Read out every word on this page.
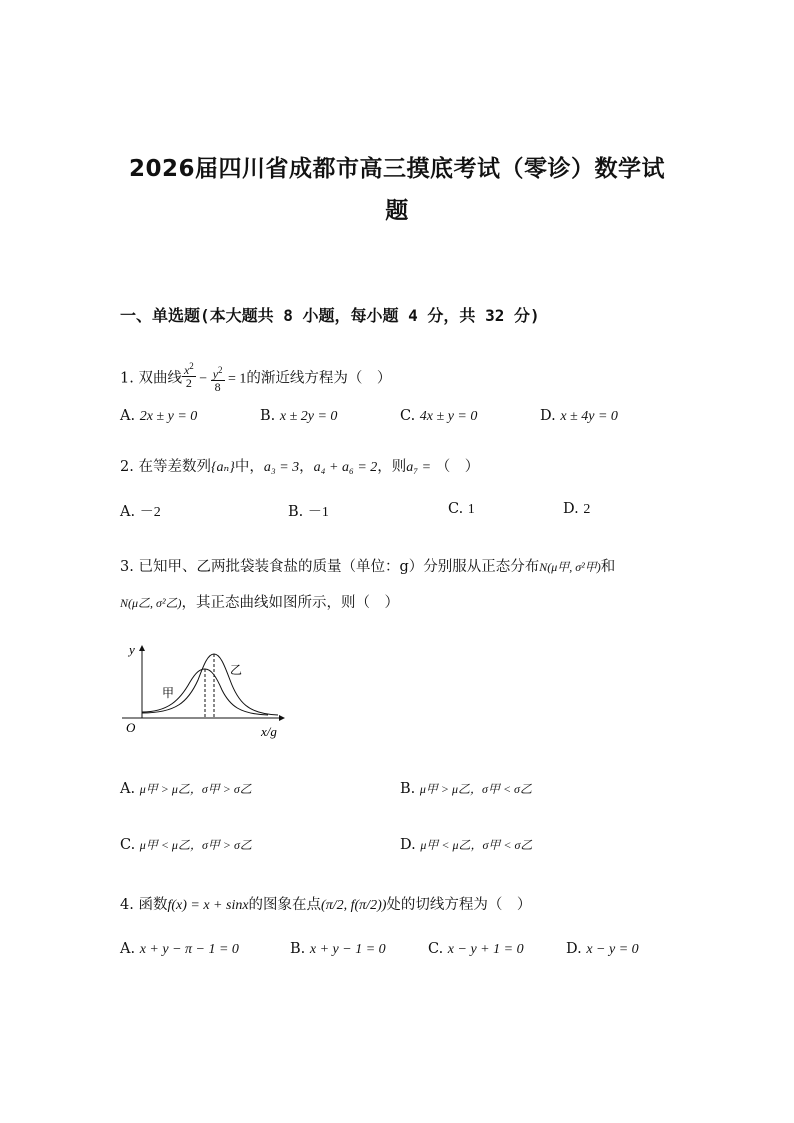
2026届四川省成都市高三摸底考试（零诊）数学试
题
一、单选题(本大题共 8 小题，每小题 4 分，共 32 分)
1. 双曲线 $\frac{x^2}{2} - \frac{y^2}{8} = 1$的渐近线方程为（　）
A. 2x ± y = 0	B. x ± 2y = 0	C. 4x ± y = 0	D. x ± 4y = 0
2. 在等差数列{aₙ}中，a₃ = 3，a₄ + a₆ = 2，则a₇ = （　）
A. －2	B. －1	C. 1	D. 2
3. 已知甲、乙两批袋装食盐的质量（单位：g）分别服从正态分布N(μ甲, σ²甲)和
N(μ乙, σ²乙)，其正态曲线如图所示，则（　）
y
O	x/g
甲
乙
A. μ甲 > μ乙，σ甲 > σ乙	B. μ甲 > μ乙，σ甲 < σ乙
C. μ甲 < μ乙，σ甲 > σ乙	D. μ甲 < μ乙，σ甲 < σ乙
4. 函数f(x) = x + sinx的图象在点(π/2, f(π/2))处的切线方程为（　）
A. x + y − π − 1 = 0	B. x + y − 1 = 0	C. x − y + 1 = 0	D. x − y = 0
